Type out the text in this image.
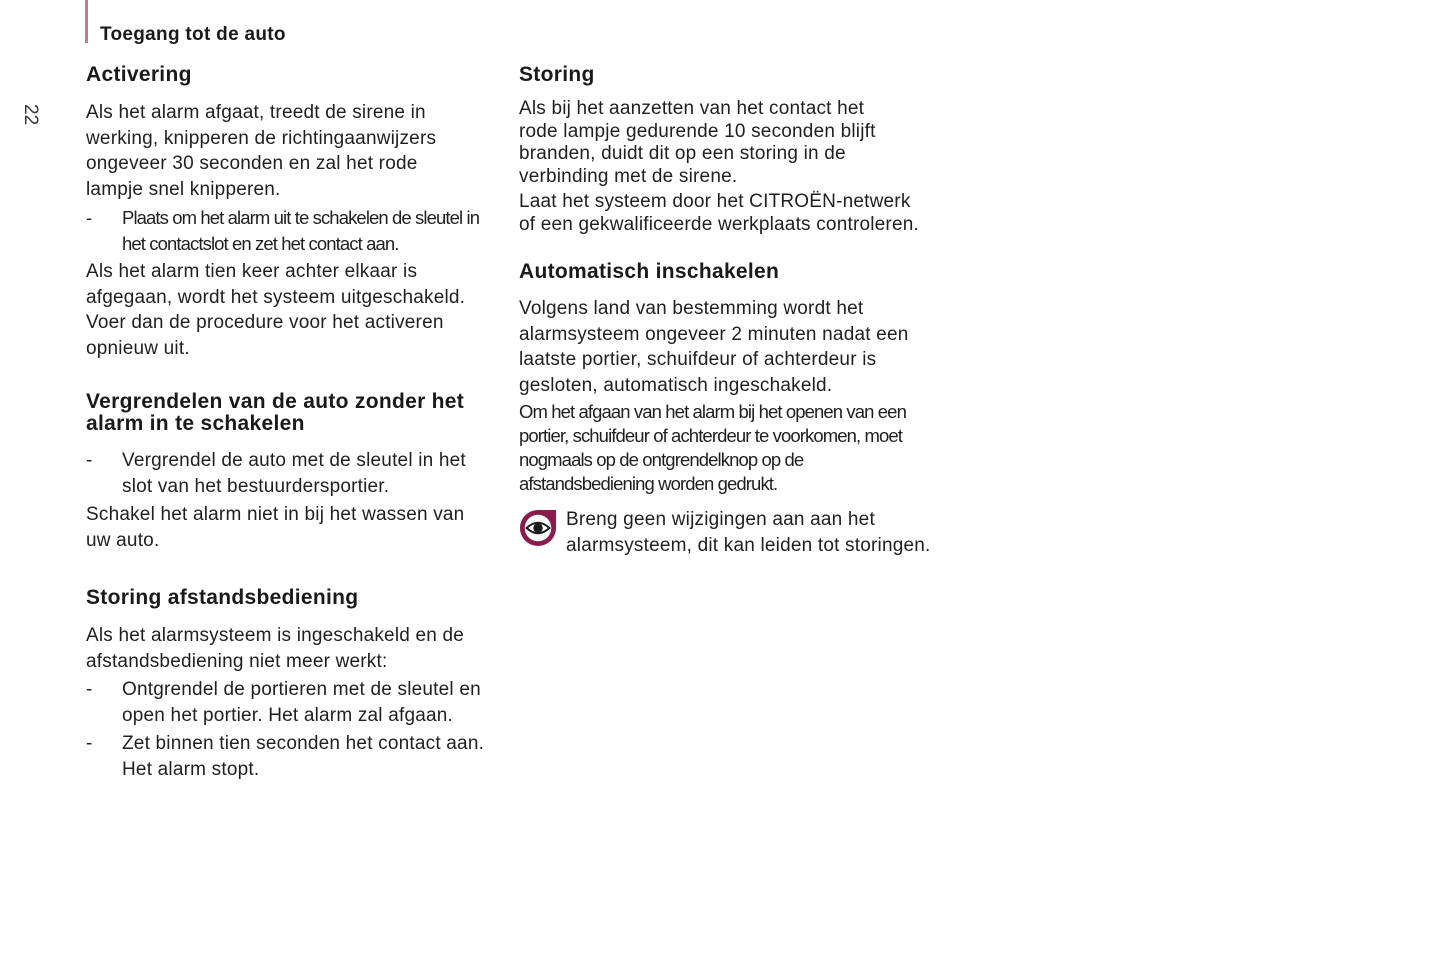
Toegang tot de auto
22
Activering

Als het alarm afgaat, treedt de sirene in werking, knipperen de richtingaanwijzers ongeveer 30 seconden en zal het rode lampje snel knipperen.

- Plaats om het alarm uit te schakelen de sleutel in het contactslot en zet het contact aan.

Als het alarm tien keer achter elkaar is afgegaan, wordt het systeem uitgeschakeld. Voer dan de procedure voor het activeren opnieuw uit.

Vergrendelen van de auto zonder het alarm in te schakelen
- Vergrendel de auto met de sleutel in het slot van het bestuurdersportier.

Schakel het alarm niet in bij het wassen van uw auto.

Storing afstandsbediening

Als het alarmsysteem is ingeschakeld en de afstandsbediening niet meer werkt:

- Ontgrendel de portieren met de sleutel en open het portier. Het alarm zal afgaan.
- Zet binnen tien seconden het contact aan. Het alarm stopt.
Storing

Als bij het aanzetten van het contact het rode lampje gedurende 10 seconden blijft branden, duidt dit op een storing in de verbinding met de sirene.

Laat het systeem door het CITROËN-netwerk of een gekwalificeerde werkplaats controleren.

Automatisch inschakelen

Volgens land van bestemming wordt het alarmsysteem ongeveer 2 minuten nadat een laatste portier, schuifdeur of achterdeur is gesloten, automatisch ingeschakeld.

Om het afgaan van het alarm bij het openen van een portier, schuifdeur of achterdeur te voorkomen, moet nogmaals op de ontgrendelknop op de afstandsbediening worden gedrukt.

Breng geen wijzigingen aan aan het alarmsysteem, dit kan leiden tot storingen.
